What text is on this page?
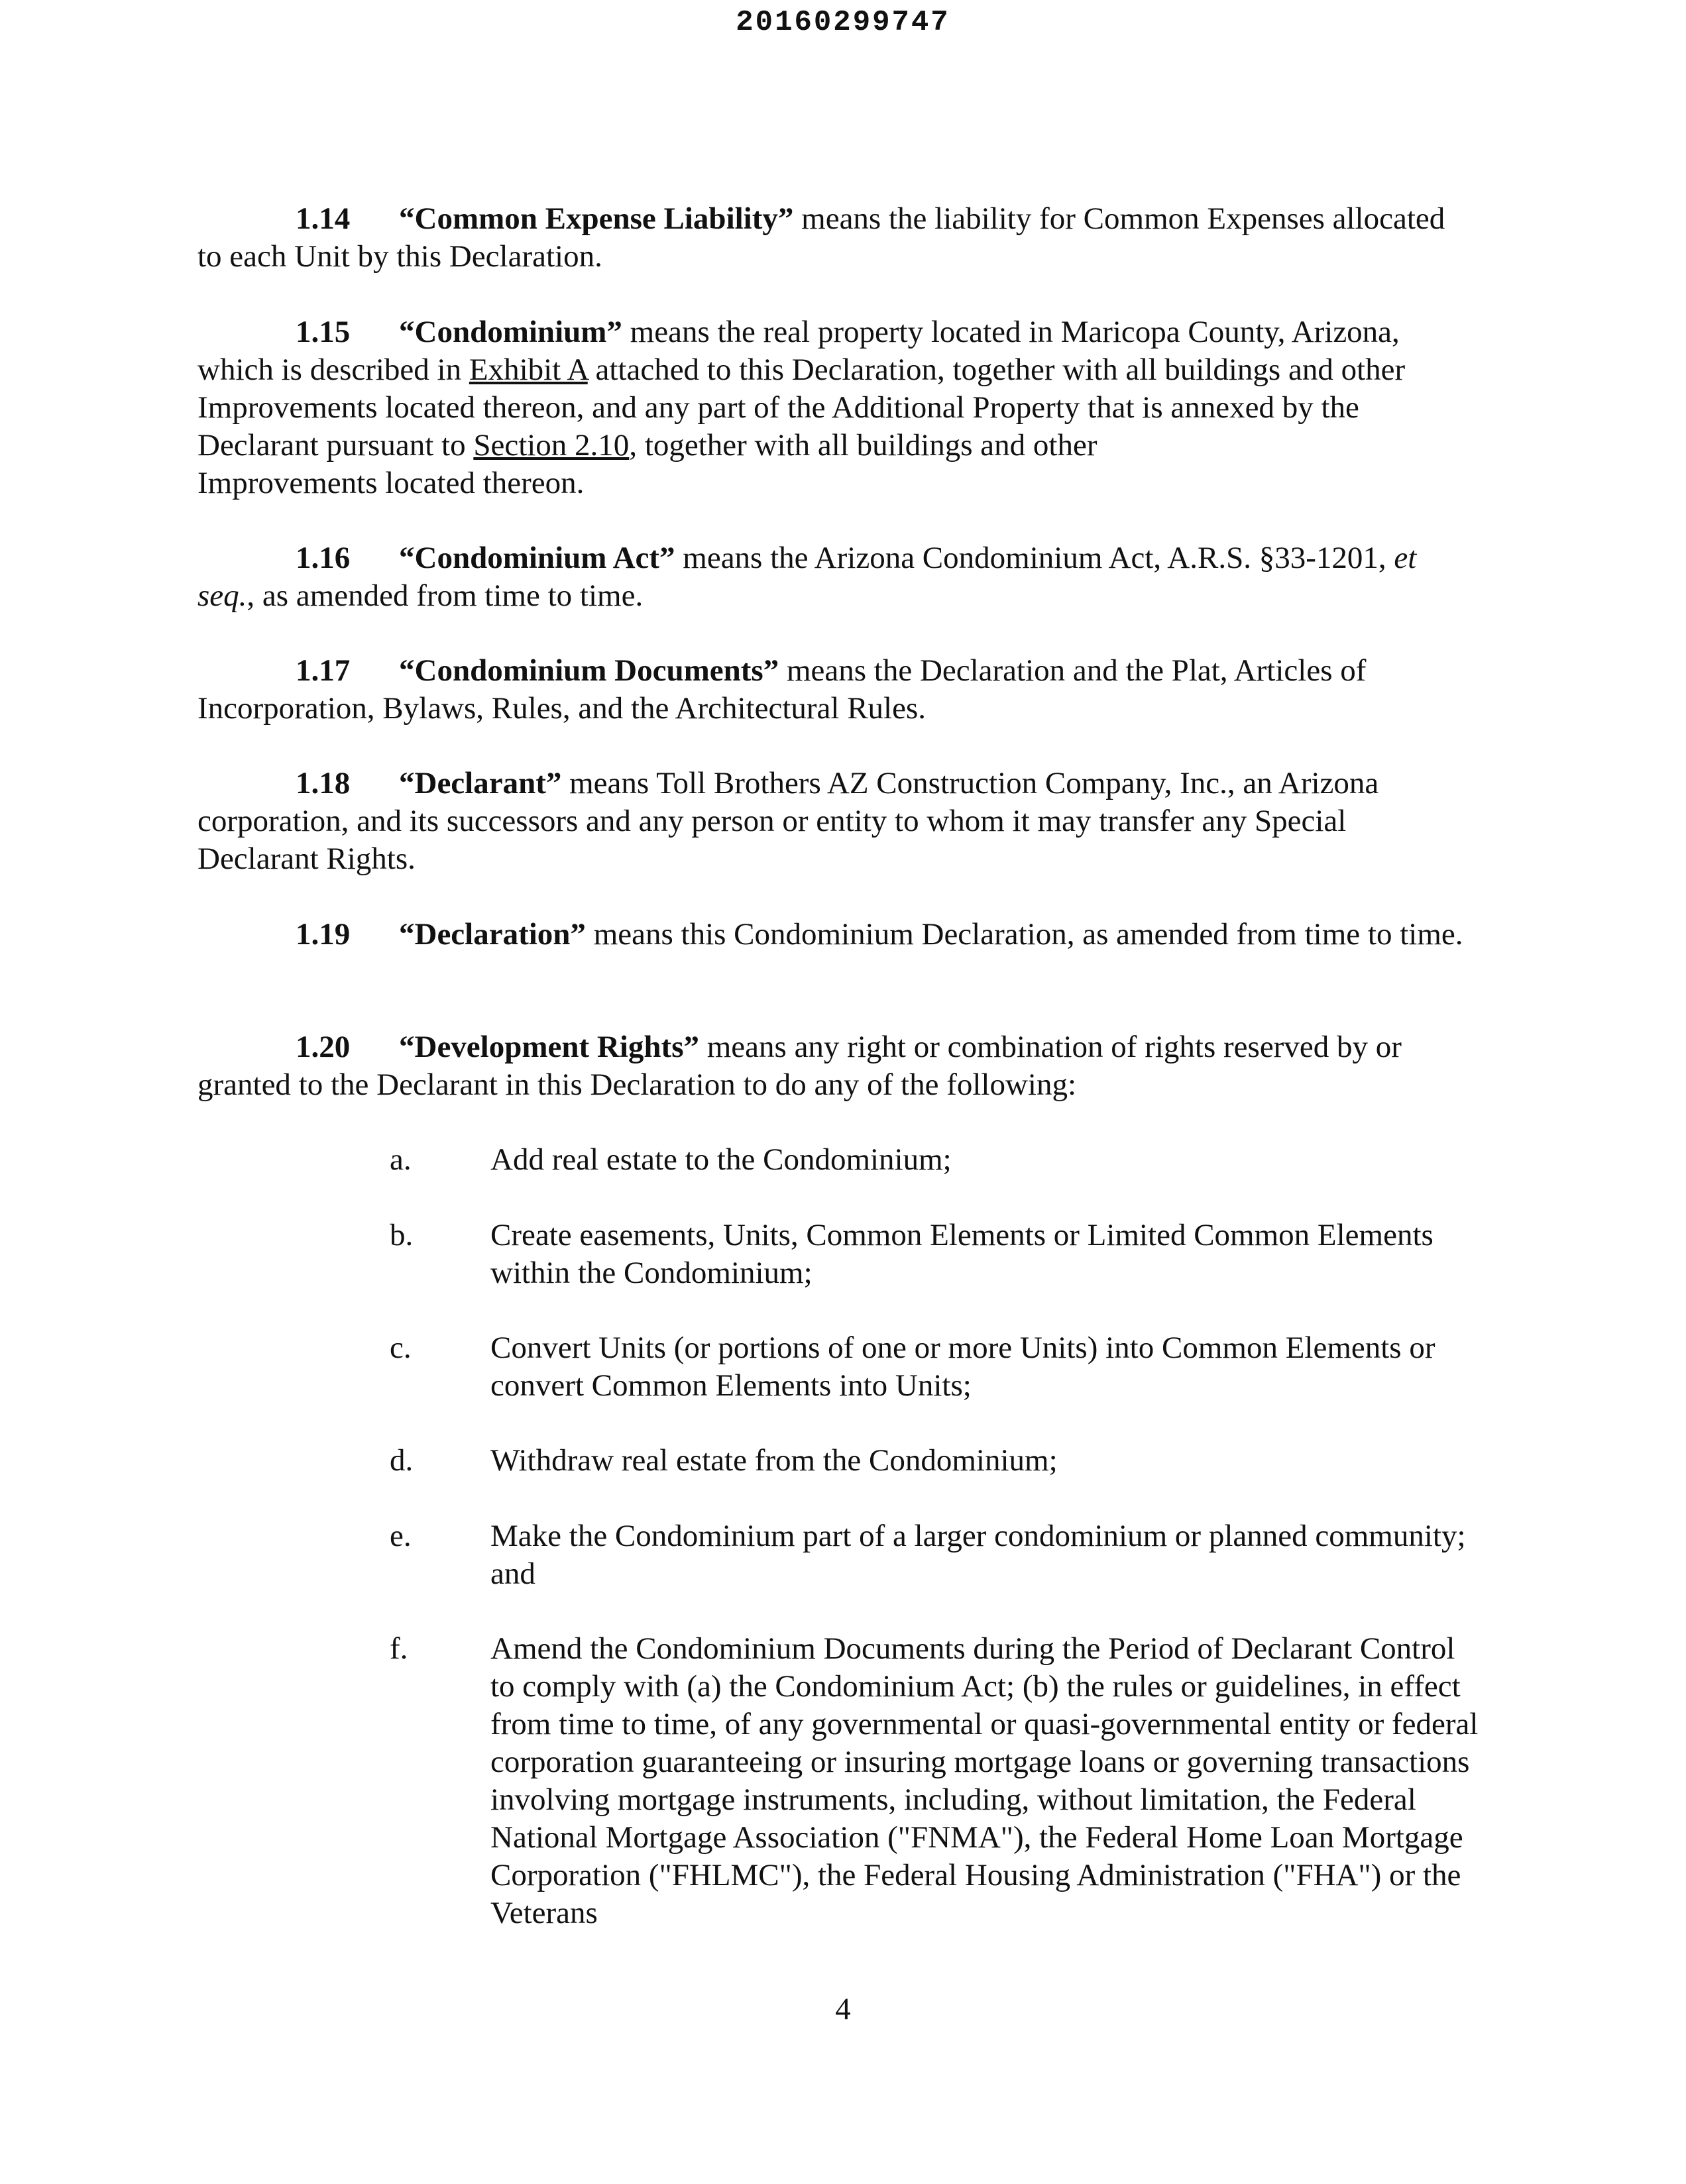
20160299747

1.14 “Common Expense Liability” means the liability for Common Expenses allocated to each Unit by this Declaration.

1.15 “Condominium” means the real property located in Maricopa County, Arizona, which is described in Exhibit A attached to this Declaration, together with all buildings and other Improvements located thereon, and any part of the Additional Property that is annexed by the Declarant pursuant to Section 2.10, together with all buildings and other
Improvements located thereon.

1.16 “Condominium Act” means the Arizona Condominium Act, A.R.S. §33-1201, et seq., as amended from time to time.

1.17 “Condominium Documents” means the Declaration and the Plat, Articles of Incorporation, Bylaws, Rules, and the Architectural Rules.

1.18 “Declarant” means Toll Brothers AZ Construction Company, Inc., an Arizona corporation, and its successors and any person or entity to whom it may transfer any Special Declarant Rights.

1.19 “Declaration” means this Condominium Declaration, as amended from time to time.

1.20 “Development Rights” means any right or combination of rights reserved by or granted to the Declarant in this Declaration to do any of the following:

a.	Add real estate to the Condominium;
b. Create easements, Units, Common Elements or Limited Common Elements within the Condominium;
c.	Convert Units (or portions of one or more Units) into Common Elements or convert Common Elements into Units;
d. Withdraw real estate from the Condominium;
e.	Make the Condominium part of a larger condominium or planned community; and
f.	Amend the Condominium Documents during the Period of Declarant Control to comply with (a) the Condominium Act; (b) the rules or guidelines, in effect from time to time, of any governmental or quasi-governmental entity or federal corporation guaranteeing or insuring mortgage loans or governing transactions involving mortgage instruments, including, without limitation, the Federal National Mortgage Association ("FNMA"), the Federal Home Loan Mortgage Corporation ("FHLMC"), the Federal Housing Administration ("FHA") or the Veterans
4
